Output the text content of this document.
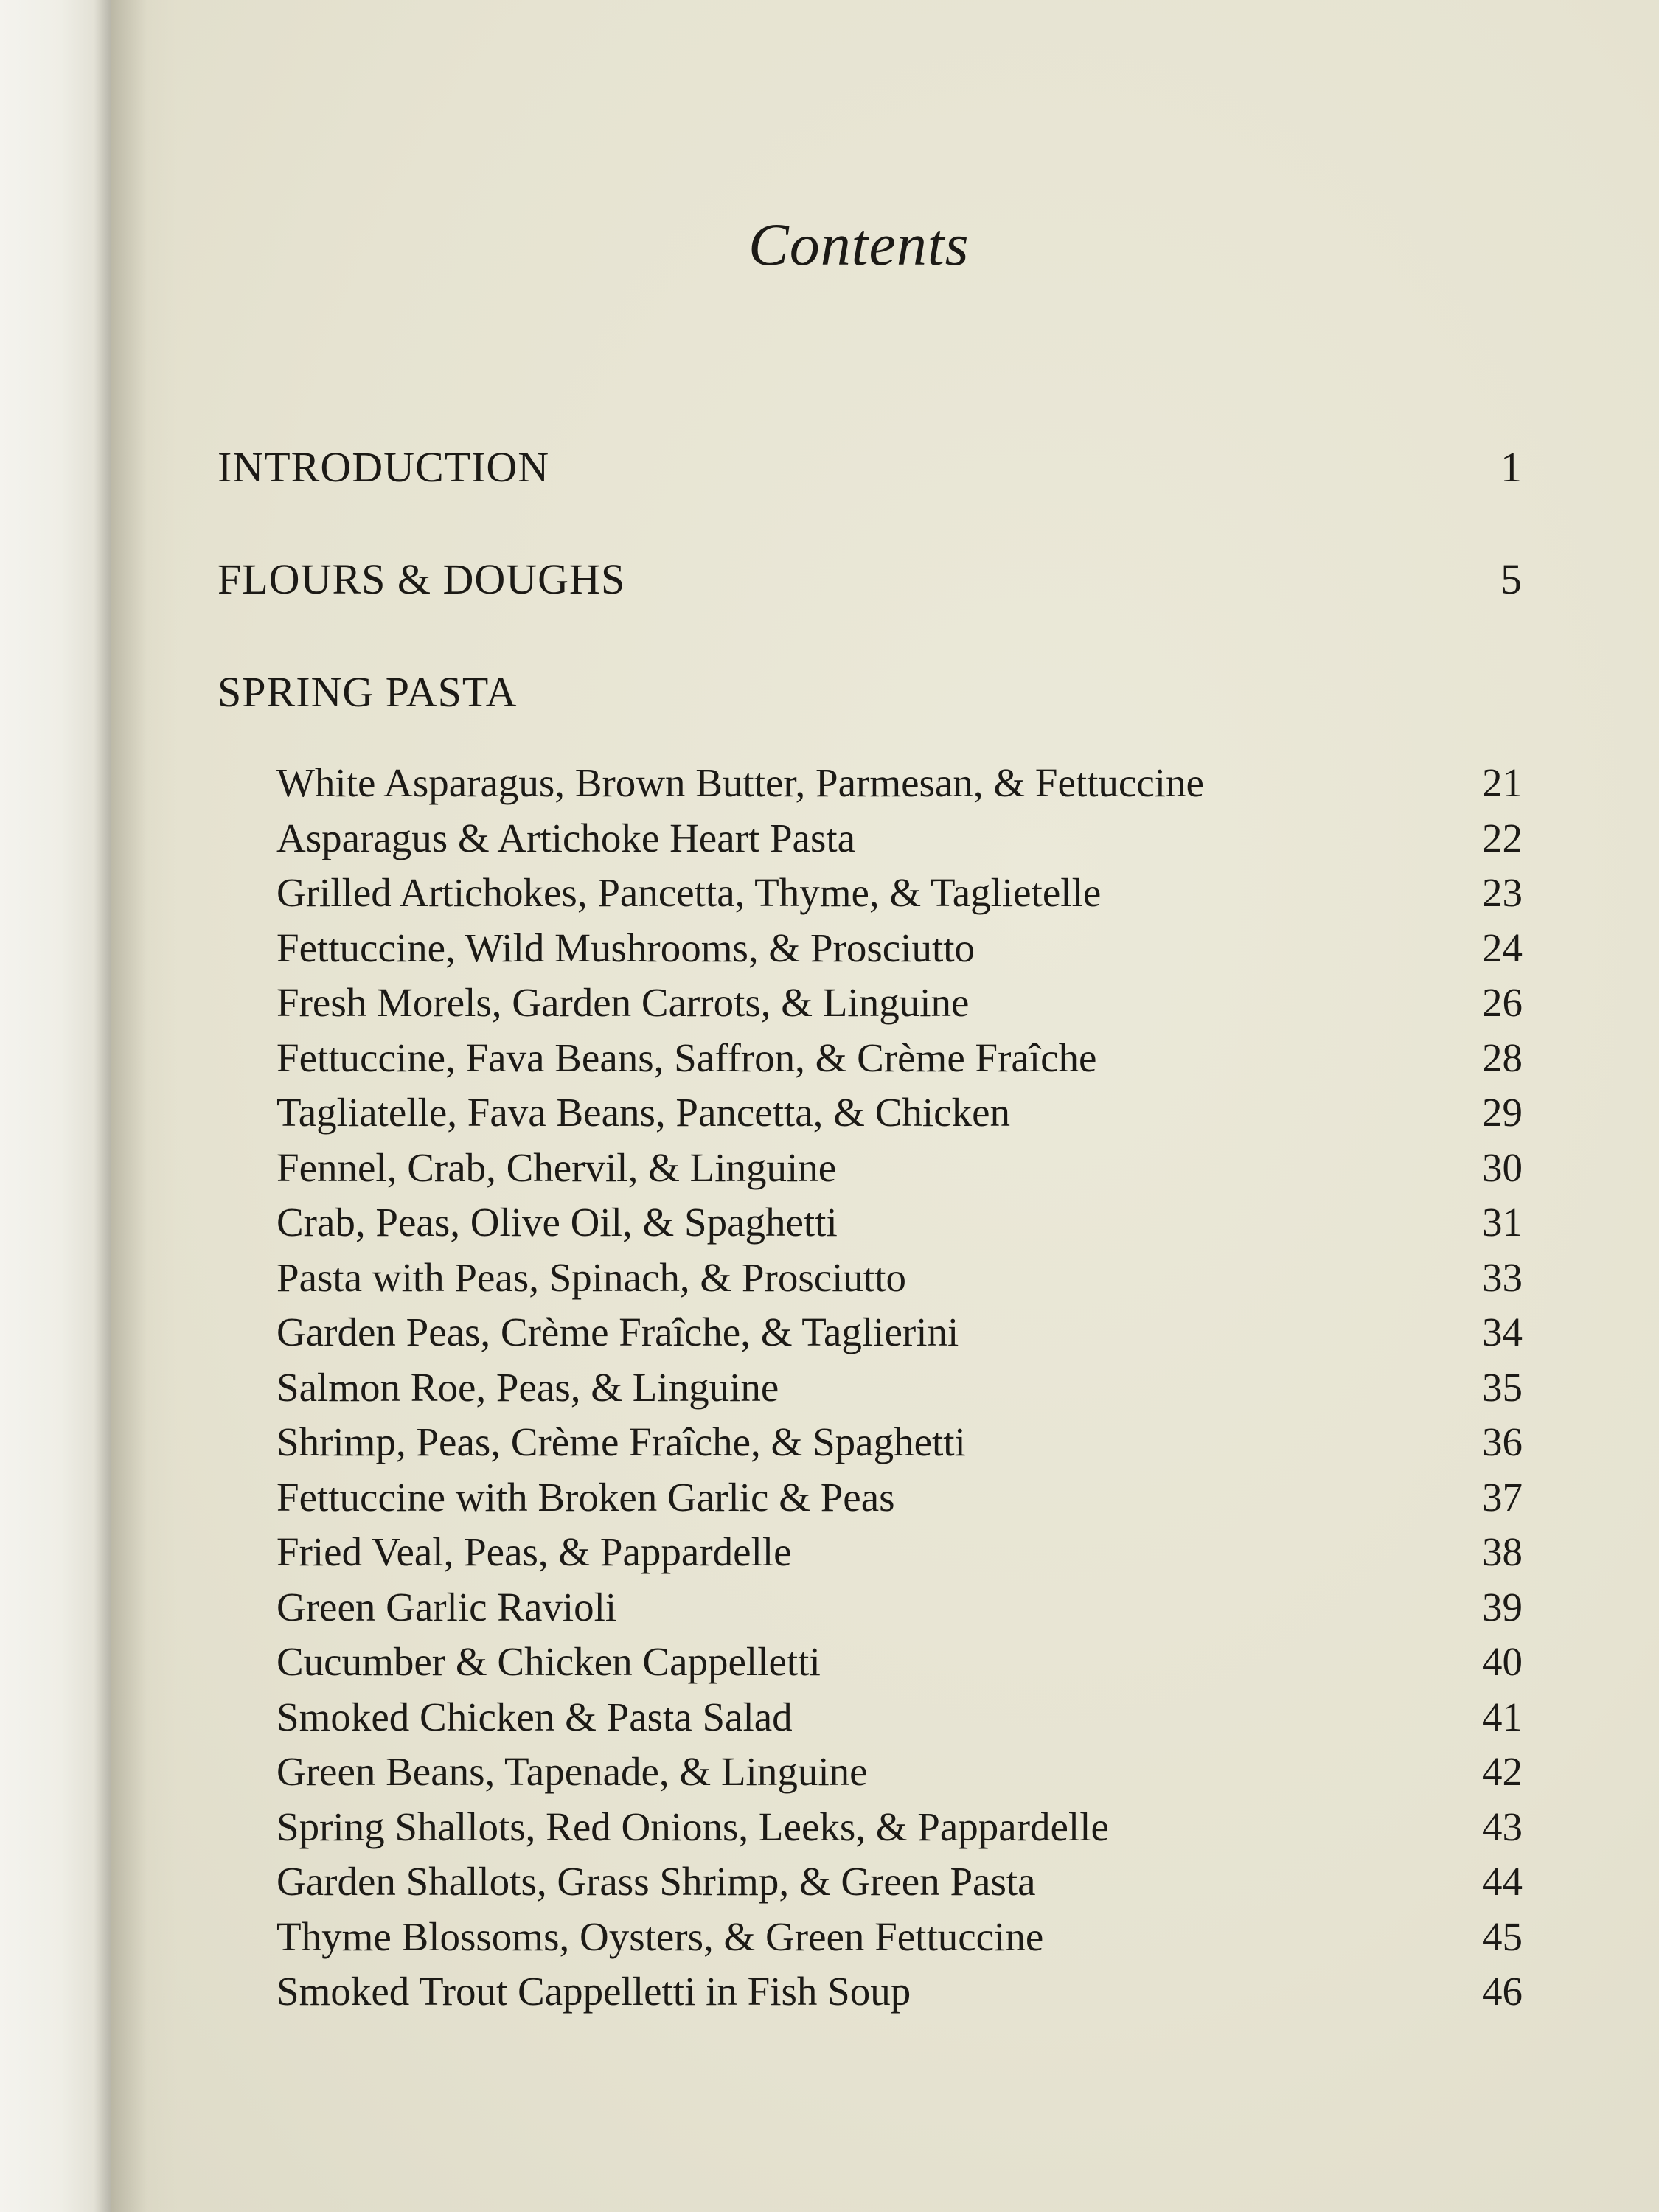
Contents
INTRODUCTION	1
FLOURS & DOUGHS	5
SPRING PASTA
White Asparagus, Brown Butter, Parmesan, & Fettuccine	21
Asparagus & Artichoke Heart Pasta	22
Grilled Artichokes, Pancetta, Thyme, & Taglietelle	23
Fettuccine, Wild Mushrooms, & Prosciutto	24
Fresh Morels, Garden Carrots, & Linguine	26
Fettuccine, Fava Beans, Saffron, & Crème Fraîche	28
Tagliatelle, Fava Beans, Pancetta, & Chicken	29
Fennel, Crab, Chervil, & Linguine	30
Crab, Peas, Olive Oil, & Spaghetti	31
Pasta with Peas, Spinach, & Prosciutto	33
Garden Peas, Crème Fraîche, & Taglierini	34
Salmon Roe, Peas, & Linguine	35
Shrimp, Peas, Crème Fraîche, & Spaghetti	36
Fettuccine with Broken Garlic & Peas	37
Fried Veal, Peas, & Pappardelle	38
Green Garlic Ravioli	39
Cucumber & Chicken Cappelletti	40
Smoked Chicken & Pasta Salad	41
Green Beans, Tapenade, & Linguine	42
Spring Shallots, Red Onions, Leeks, & Pappardelle	43
Garden Shallots, Grass Shrimp, & Green Pasta	44
Thyme Blossoms, Oysters, & Green Fettuccine	45
Smoked Trout Cappelletti in Fish Soup	46
